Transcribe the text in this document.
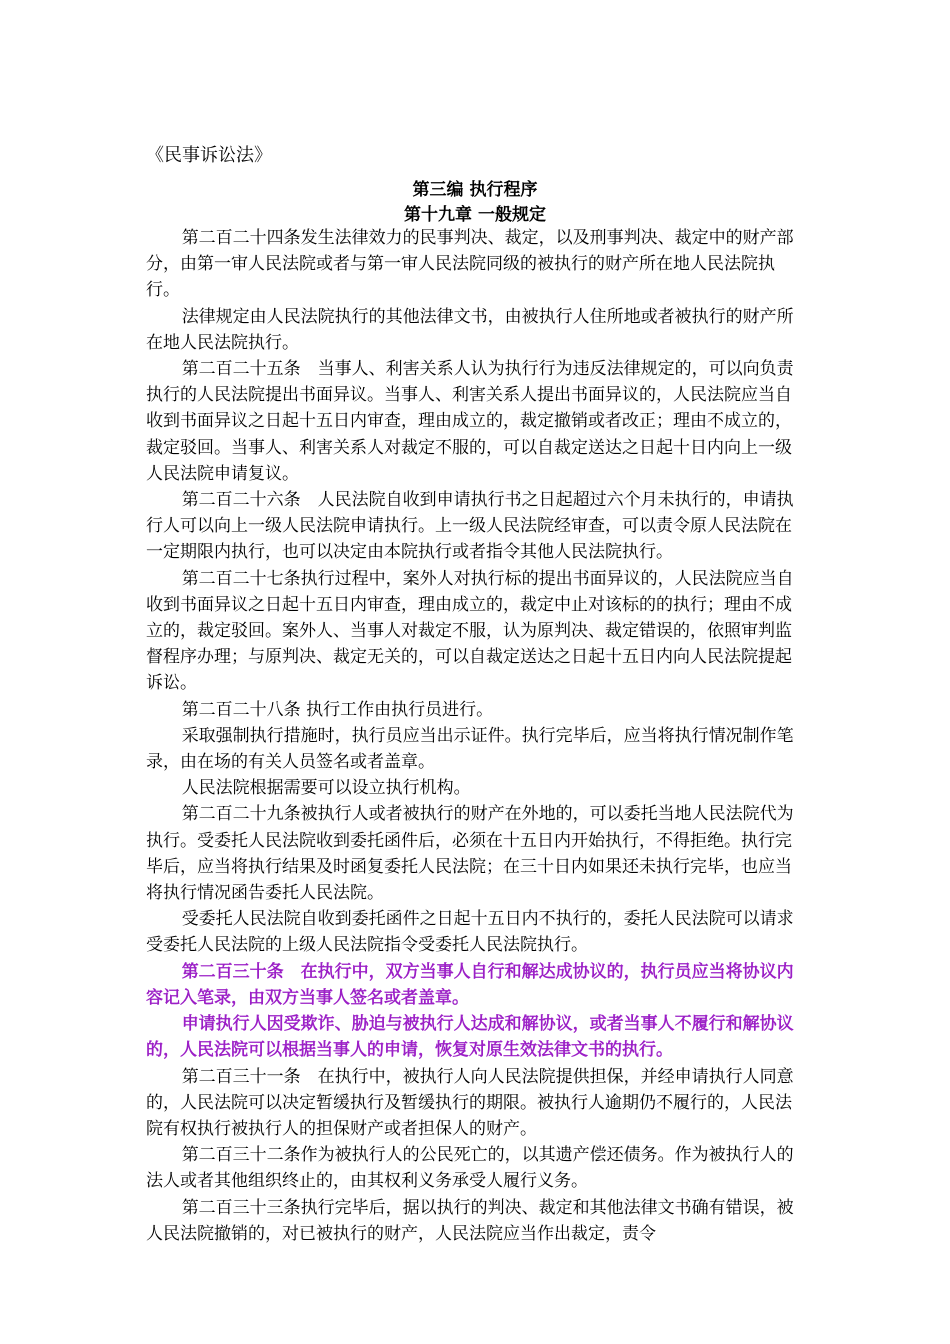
《民事诉讼法》
第三编 执行程序
第十九章 一般规定

第二百二十四条发生法律效力的民事判决、裁定，以及刑事判决、裁定中的财产部分，由第一审人民法院或者与第一审人民法院同级的被执行的财产所在地人民法院执行。

法律规定由人民法院执行的其他法律文书，由被执行人住所地或者被执行的财产所在地人民法院执行。

第二百二十五条　当事人、利害关系人认为执行行为违反法律规定的，可以向负责执行的人民法院提出书面异议。当事人、利害关系人提出书面异议的，人民法院应当自收到书面异议之日起十五日内审查，理由成立的，裁定撤销或者改正；理由不成立的，裁定驳回。当事人、利害关系人对裁定不服的，可以自裁定送达之日起十日内向上一级人民法院申请复议。

第二百二十六条　人民法院自收到申请执行书之日起超过六个月未执行的，申请执行人可以向上一级人民法院申请执行。上一级人民法院经审查，可以责令原人民法院在一定期限内执行，也可以决定由本院执行或者指令其他人民法院执行。

第二百二十七条执行过程中，案外人对执行标的提出书面异议的，人民法院应当自收到书面异议之日起十五日内审查，理由成立的，裁定中止对该标的的执行；理由不成立的，裁定驳回。案外人、当事人对裁定不服，认为原判决、裁定错误的，依照审判监督程序办理；与原判决、裁定无关的，可以自裁定送达之日起十五日内向人民法院提起诉讼。

第二百二十八条 执行工作由执行员进行。

采取强制执行措施时，执行员应当出示证件。执行完毕后，应当将执行情况制作笔录，由在场的有关人员签名或者盖章。

人民法院根据需要可以设立执行机构。

第二百二十九条被执行人或者被执行的财产在外地的，可以委托当地人民法院代为执行。受委托人民法院收到委托函件后，必须在十五日内开始执行，不得拒绝。执行完毕后，应当将执行结果及时函复委托人民法院；在三十日内如果还未执行完毕，也应当将执行情况函告委托人民法院。

受委托人民法院自收到委托函件之日起十五日内不执行的，委托人民法院可以请求受委托人民法院的上级人民法院指令受委托人民法院执行。

第二百三十条　在执行中，双方当事人自行和解达成协议的，执行员应当将协议内容记入笔录，由双方当事人签名或者盖章。

申请执行人因受欺诈、胁迫与被执行人达成和解协议，或者当事人不履行和解协议的，人民法院可以根据当事人的申请，恢复对原生效法律文书的执行。

第二百三十一条　在执行中，被执行人向人民法院提供担保，并经申请执行人同意的，人民法院可以决定暂缓执行及暂缓执行的期限。被执行人逾期仍不履行的，人民法院有权执行被执行人的担保财产或者担保人的财产。

第二百三十二条作为被执行人的公民死亡的，以其遗产偿还债务。作为被执行人的法人或者其他组织终止的，由其权利义务承受人履行义务。

第二百三十三条执行完毕后，据以执行的判决、裁定和其他法律文书确有错误，被人民法院撤销的，对已被执行的财产，人民法院应当作出裁定，责令
